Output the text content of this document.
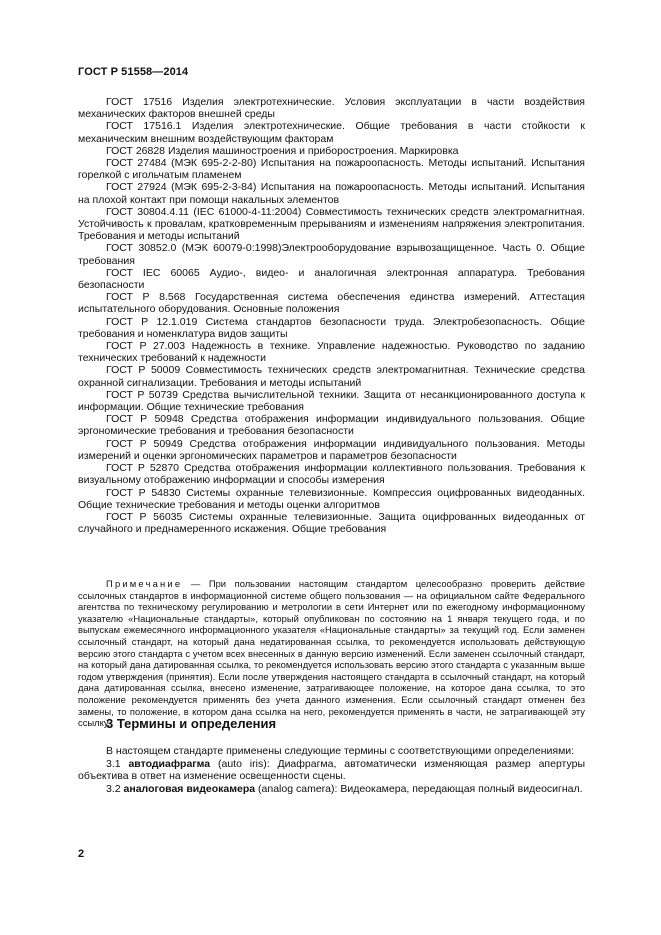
ГОСТ Р 51558—2014

ГОСТ 17516 Изделия электротехнические. Условия эксплуатации в части воздействия механических факторов внешней среды

ГОСТ 17516.1 Изделия электротехнические. Общие требования в части стойкости к механическим внешним воздействующим факторам

ГОСТ 26828 Изделия машиностроения и приборостроения. Маркировка

ГОСТ 27484 (МЭК 695-2-2-80) Испытания на пожароопасность. Методы испытаний. Испытания горелкой с игольчатым пламенем

ГОСТ 27924 (МЭК 695-2-3-84) Испытания на пожароопасность. Методы испытаний. Испытания на плохой контакт при помощи накальных элементов

ГОСТ 30804.4.11 (IEC 61000-4-11:2004) Совместимость технических средств электромагнитная. Устойчивость к провалам, кратковременным прерываниям и изменениям напряжения электропитания. Требования и методы испытаний

ГОСТ 30852.0 (МЭК 60079-0:1998)Электрооборудование взрывозащищенное. Часть 0. Общие требования

ГОСТ IEC 60065 Аудио-, видео- и аналогичная электронная аппаратура. Требования безопасности

ГОСТ Р 8.568 Государственная система обеспечения единства измерений. Аттестация испытательного оборудования. Основные положения

ГОСТ Р 12.1.019 Система стандартов безопасности труда. Электробезопасность. Общие требования и номенклатура видов защиты

ГОСТ Р 27.003 Надежность в технике. Управление надежностью. Руководство по заданию технических требований к надежности

ГОСТ Р 50009 Совместимость технических средств электромагнитная. Технические средства охранной сигнализации. Требования и методы испытаний

ГОСТ Р 50739 Средства вычислительной техники. Защита от несанкционированного доступа к информации. Общие технические требования

ГОСТ Р 50948 Средства отображения информации индивидуального пользования. Общие эргономические требования и требования безопасности

ГОСТ Р 50949 Средства отображения информации индивидуального пользования. Методы измерений и оценки эргономических параметров и параметров безопасности

ГОСТ Р 52870 Средства отображения информации коллективного пользования. Требования к визуальному отображению информации и способы измерения

ГОСТ Р 54830 Системы охранные телевизионные. Компрессия оцифрованных видеоданных. Общие технические требования и методы оценки алгоритмов

ГОСТ Р 56035 Системы охранные телевизионные. Защита оцифрованных видеоданных от случайного и преднамеренного искажения. Общие требования

Примечание — При пользовании настоящим стандартом целесообразно проверить действие ссылочных стандартов в информационной системе общего пользования — на официальном сайте Федерального агентства по техническому регулированию и метрологии в сети Интернет или по ежегодному информационному указателю «Национальные стандарты», который опубликован по состоянию на 1 января текущего года, и по выпускам ежемесячного информационного указателя «Национальные стандарты» за текущий год. Если заменен ссылочный стандарт, на который дана недатированная ссылка, то рекомендуется использовать действующую версию этого стандарта с учетом всех внесенных в данную версию изменений. Если заменен ссылочный стандарт, на который дана датированная ссылка, то рекомендуется использовать версию этого стандарта с указанным выше годом утверждения (принятия). Если после утверждения настоящего стандарта в ссылочный стандарт, на который дана датированная ссылка, внесено изменение, затрагивающее положение, на которое дана ссылка, то это положение рекомендуется применять без учета данного изменения. Если ссылочный стандарт отменен без замены, то положение, в котором дана ссылка на него, рекомендуется применять в части, не затрагивающей эту ссылку.

3 Термины и определения

В настоящем стандарте применены следующие термины с соответствующими определениями:

3.1 автодиафрагма (auto iris): Диафрагма, автоматически изменяющая размер апертуры объектива в ответ на изменение освещенности сцены.

3.2 аналоговая видеокамера (analog camera): Видеокамера, передающая полный видеосигнал.

2
